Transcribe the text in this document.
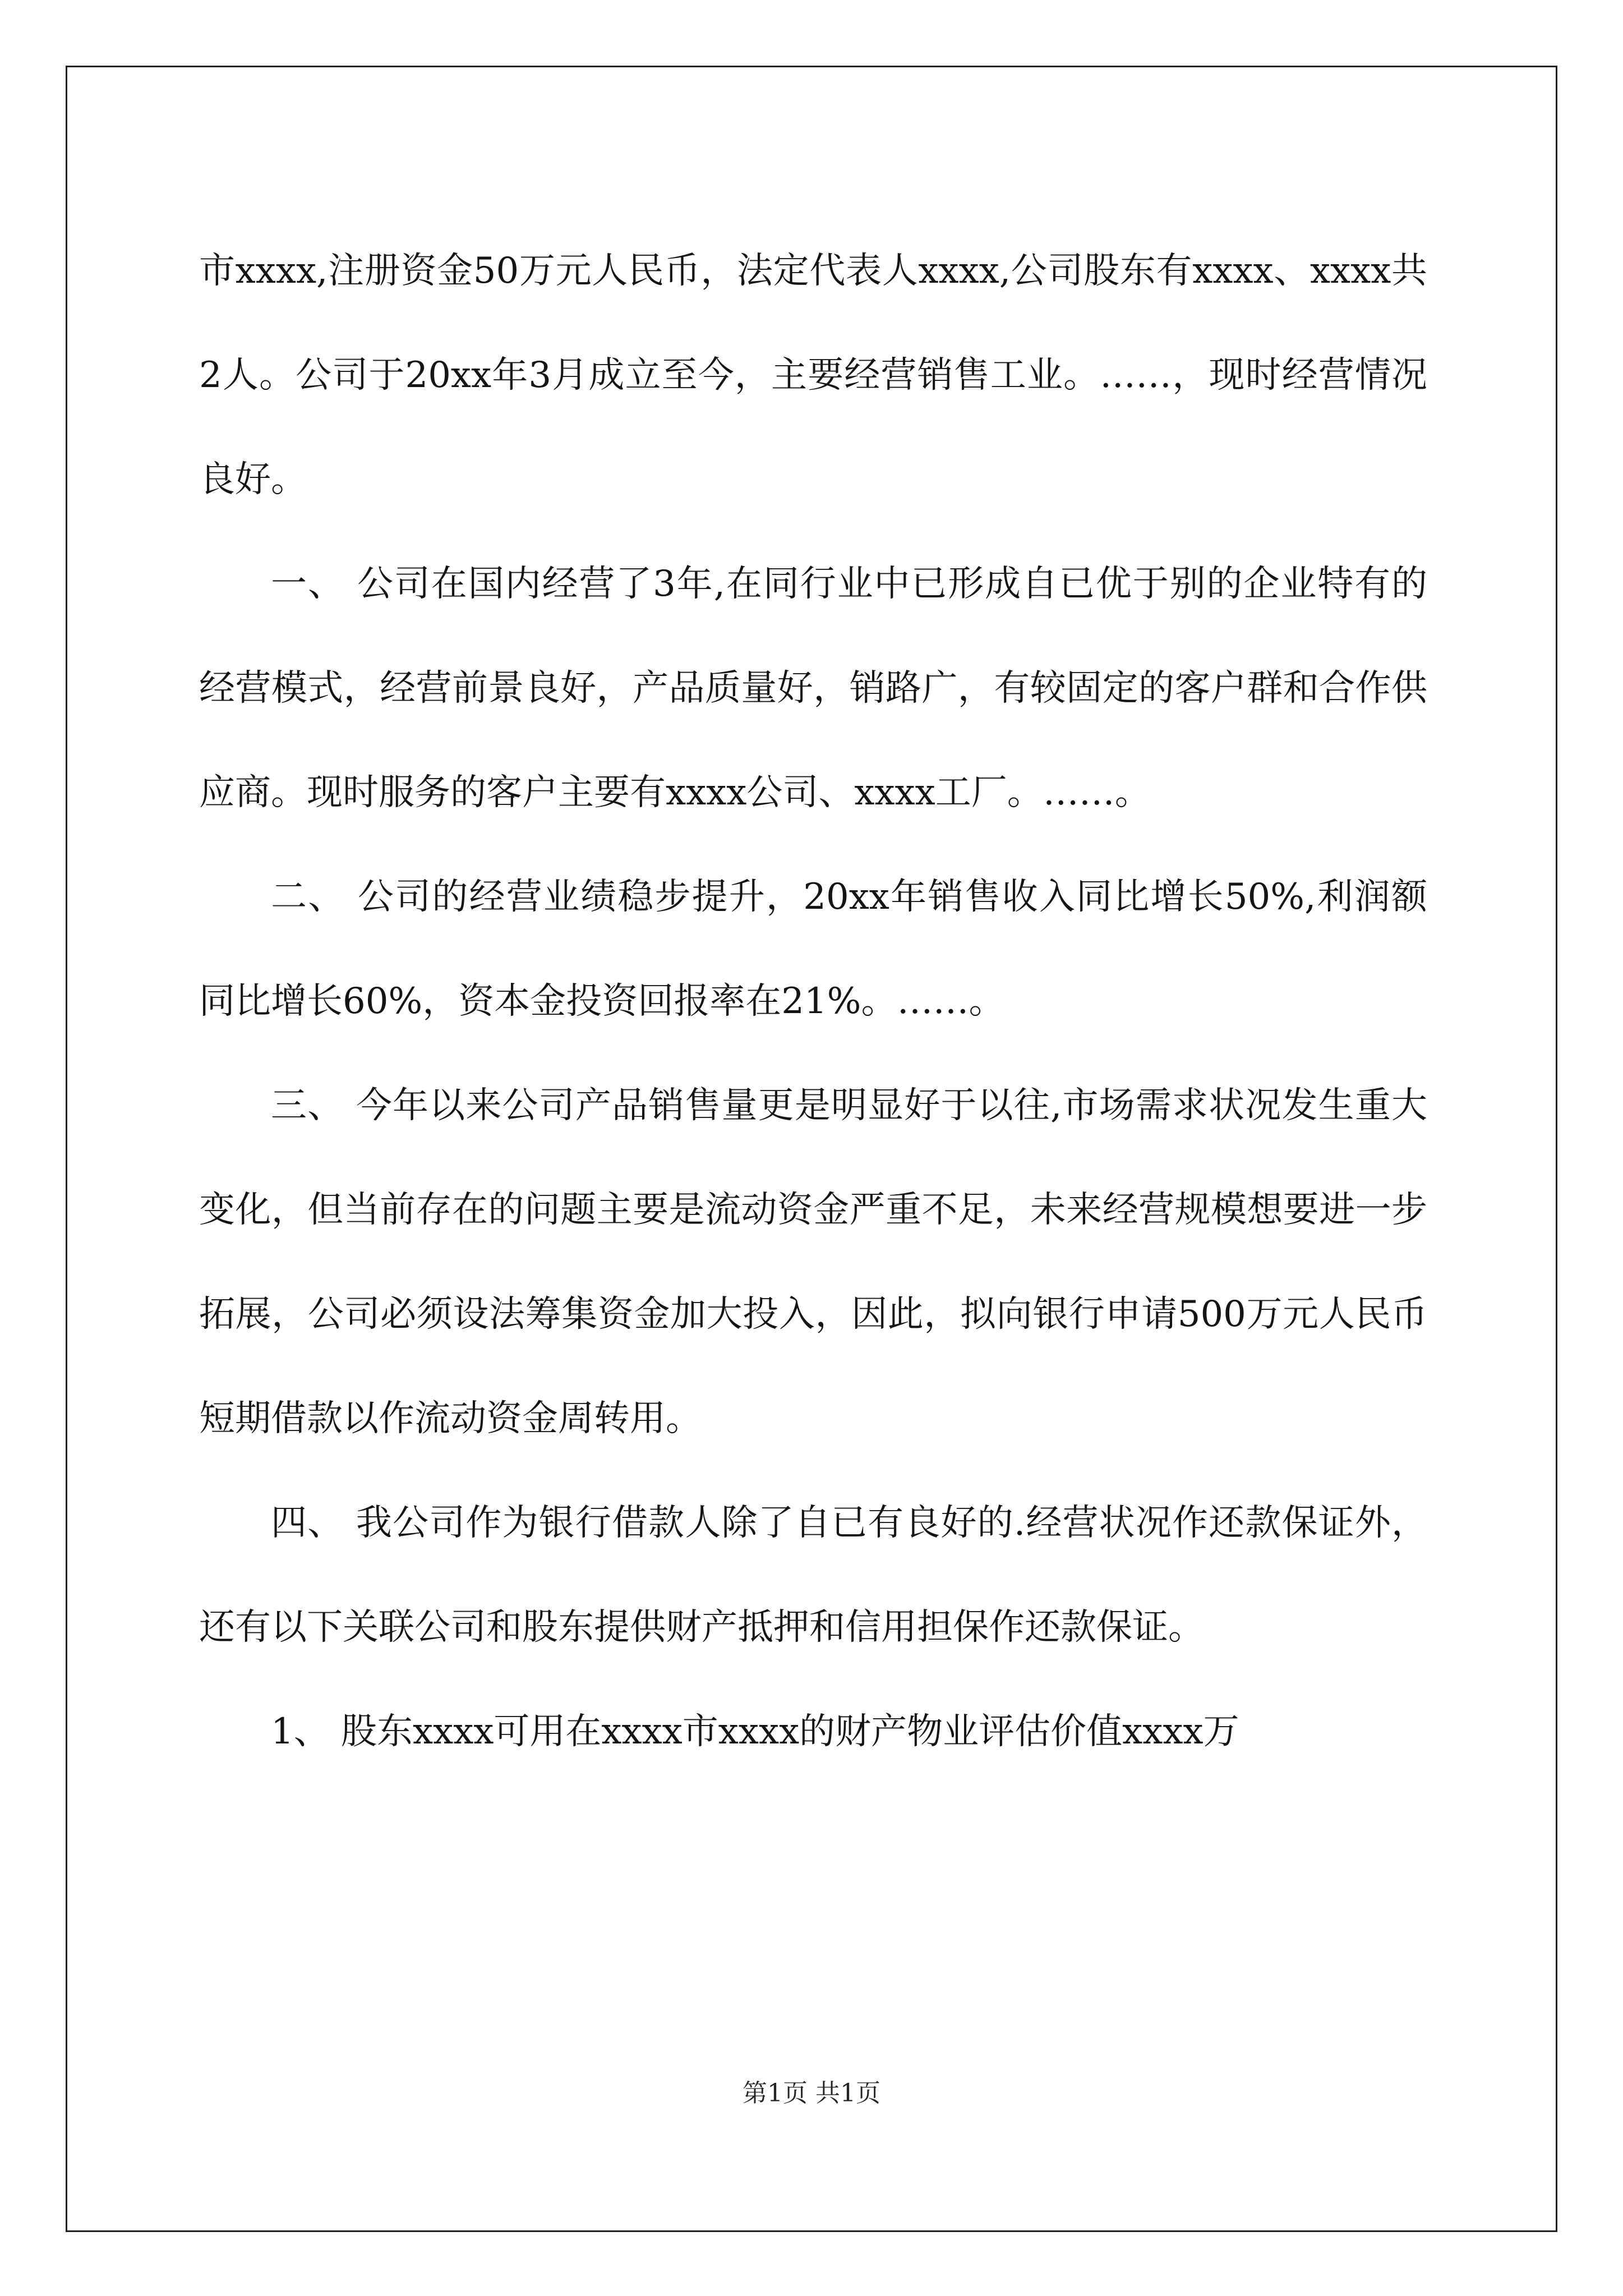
市xxxx,注册资金50万元人民币，法定代表人xxxx,公司股东有xxxx、xxxx共2人。公司于20xx年3月成立至今，主要经营销售工业。……，现时经营情况良好。

一、 公司在国内经营了3年,在同行业中已形成自已优于别的企业特有的经营模式，经营前景良好，产品质量好，销路广，有较固定的客户群和合作供应商。现时服务的客户主要有xxxx公司、xxxx工厂。……。

二、 公司的经营业绩稳步提升，20xx年销售收入同比增长50%,利润额同比增长60%，资本金投资回报率在21%。……。

三、 今年以来公司产品销售量更是明显好于以往,市场需求状况发生重大变化，但当前存在的问题主要是流动资金严重不足，未来经营规模想要进一步拓展，公司必须设法筹集资金加大投入，因此，拟向银行申请500万元人民币短期借款以作流动资金周转用。

四、 我公司作为银行借款人除了自已有良好的.经营状况作还款保证外，还有以下关联公司和股东提供财产抵押和信用担保作还款保证。

1、 股东xxxx可用在xxxx市xxxx的财产物业评估价值xxxx万

第1页 共1页
